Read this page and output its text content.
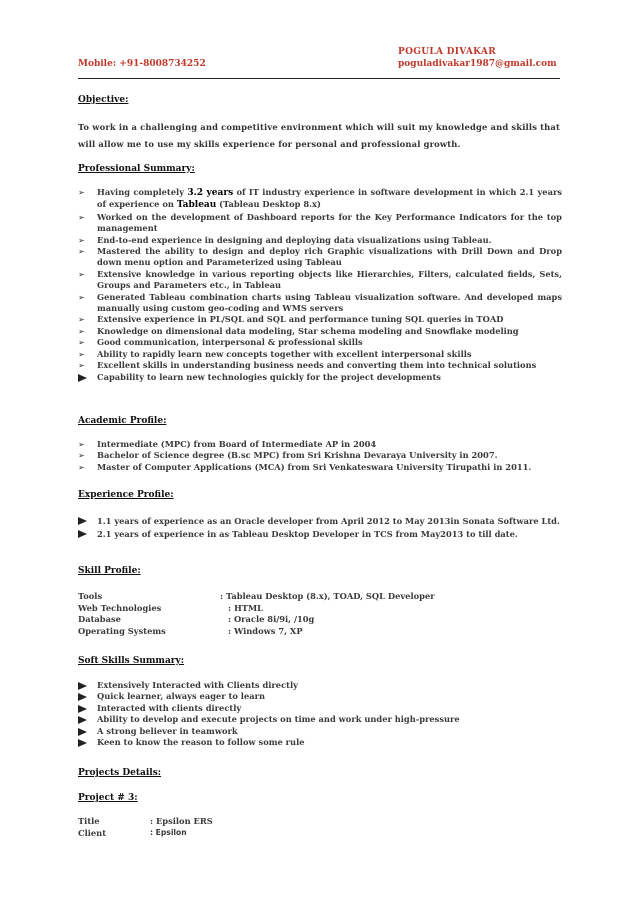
POGULA DIVAKAR
Mobile: +91-8008734252	poguladivakar1987@gmail.com
Objective:
To work in a challenging and competitive environment which will suit my knowledge and skills that will allow me to use my skills experience for personal and professional growth.
Professional Summary:
➢ Having completely 3.2 years of IT industry experience in software development in which 2.1 years of experience on Tableau (Tableau Desktop 8.x)
➢ Worked on the development of Dashboard reports for the Key Performance Indicators for the top management
➢ End-to-end experience in designing and deploying data visualizations using Tableau.
➢ Mastered the ability to design and deploy rich Graphic visualizations with Drill Down and Drop down menu option and Parameterized using Tableau
➢ Extensive knowledge in various reporting objects like Hierarchies, Filters, calculated fields, Sets, Groups and Parameters etc., in Tableau
➢ Generated Tableau combination charts using Tableau visualization software. And developed maps manually using custom geo-coding and WMS servers
➢ Extensive experience in PL/SQL and SQL and performance tuning SQL queries in TOAD
➢ Knowledge on dimensional data modeling, Star schema modeling and Snowflake modeling
➢ Good communication, interpersonal & professional skills
➢ Ability to rapidly learn new concepts together with excellent interpersonal skills
➢ Excellent skills in understanding business needs and converting them into technical solutions
Capability to learn new technologies quickly for the project developments
Academic Profile:
➢ Intermediate (MPC) from Board of Intermediate AP in 2004
➢ Bachelor of Science degree (B.sc MPC) from Sri Krishna Devaraya University in 2007.
➢ Master of Computer Applications (MCA) from Sri Venkateswara University Tirupathi in 2011.
Experience Profile:
1.1 years of experience as an Oracle developer from April 2012 to May 2013in Sonata Software Ltd.
2.1 years of experience in as Tableau Desktop Developer in TCS from May2013 to till date.
Skill Profile:
Tools	: Tableau Desktop (8.x), TOAD, SQL Developer
Web Technologies	: HTML
Database	: Oracle 8i/9i, /10g
Operating Systems	: Windows 7, XP
Soft Skills Summary:
Extensively Interacted with Clients directly
Quick learner, always eager to learn
Interacted with clients directly
Ability to develop and execute projects on time and work under high-pressure
A strong believer in teamwork
Keen to know the reason to follow some rule
Projects Details:
Project # 3:
Title	: Epsilon ERS
Client	: Epsilon
